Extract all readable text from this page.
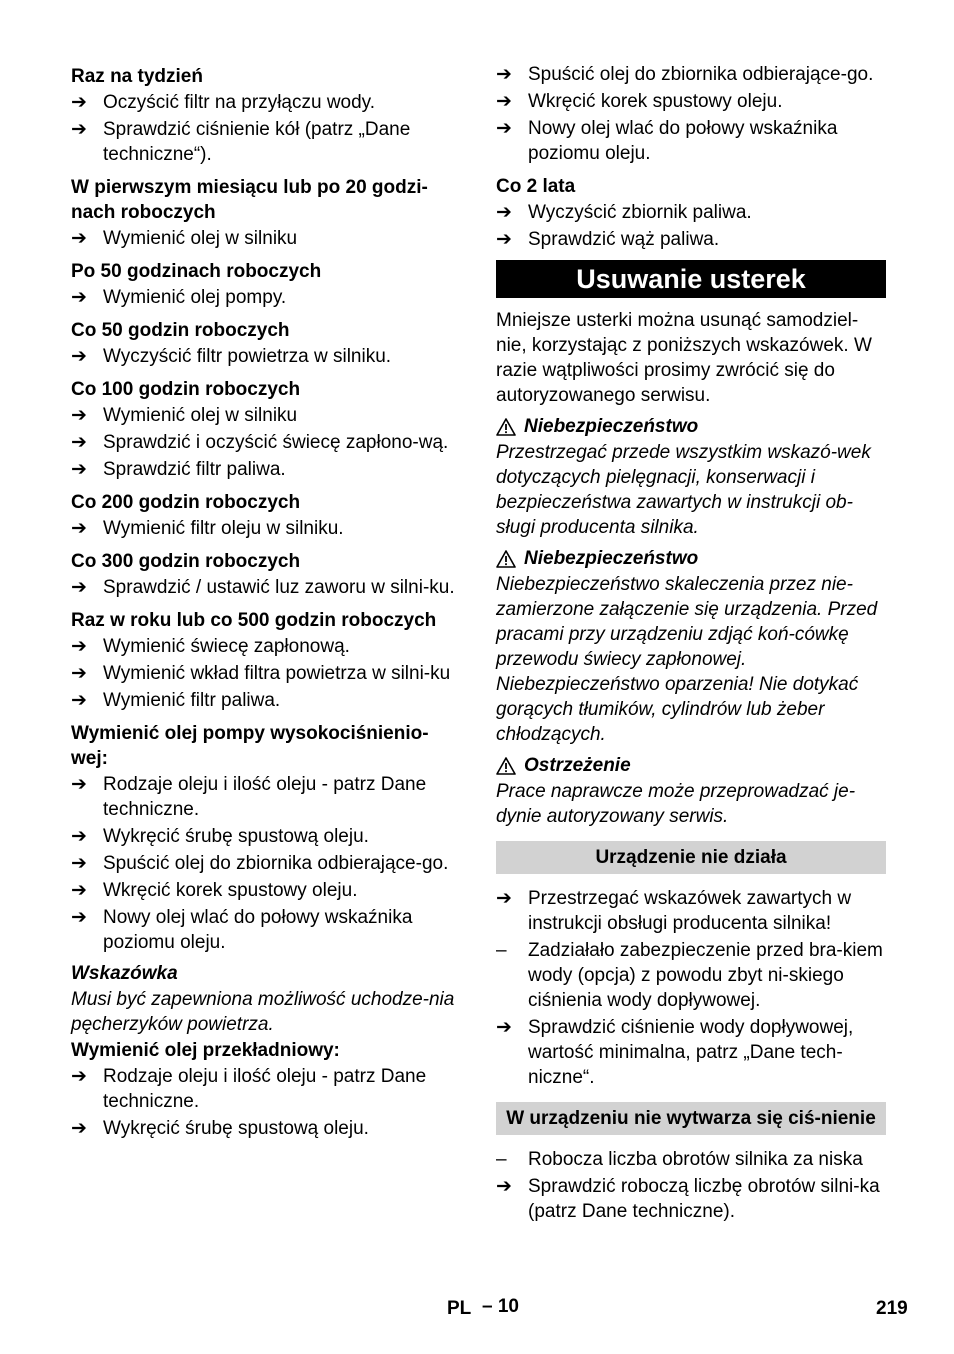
Raz na tydzień
➔ Oczyścić filtr na przyłączu wody.
➔ Sprawdzić ciśnienie kół (patrz „Dane techniczne“).
W pierwszym miesiącu lub po 20 godzi-nach roboczych
➔ Wymienić olej w silniku
Po 50 godzinach roboczych
➔ Wymienić olej pompy.
Co 50 godzin roboczych
➔ Wyczyścić filtr powietrza w silniku.
Co 100 godzin roboczych
➔ Wymienić olej w silniku
➔ Sprawdzić i oczyścić świecę zapłono-wą.
➔ Sprawdzić filtr paliwa.
Co 200 godzin roboczych
➔ Wymienić filtr oleju w silniku.
Co 300 godzin roboczych
➔ Sprawdzić / ustawić luz zaworu w silni-ku.
Raz w roku lub co 500 godzin roboczych
➔ Wymienić świecę zapłonową.
➔ Wymienić wkład filtra powietrza w silni-ku
➔ Wymienić filtr paliwa.
Wymienić olej pompy wysokociśnienio-wej:
➔ Rodzaje oleju i ilość oleju - patrz Dane techniczne.
➔ Wykręcić śrubę spustową oleju.
➔ Spuścić olej do zbiornika odbierające-go.
➔ Wkręcić korek spustowy oleju.
➔ Nowy olej wlać do połowy wskaźnika poziomu oleju.
Wskazówka
Musi być zapewniona możliwość uchodze-nia pęcherzyków powietrza.
Wymienić olej przekładniowy:
➔ Rodzaje oleju i ilość oleju - patrz Dane techniczne.
➔ Wykręcić śrubę spustową oleju.
➔ Spuścić olej do zbiornika odbierające-go.
➔ Wkręcić korek spustowy oleju.
➔ Nowy olej wlać do połowy wskaźnika poziomu oleju.
Co 2 lata
➔ Wyczyścić zbiornik paliwa.
➔ Sprawdzić wąż paliwa.
Usuwanie usterek

Mniejsze usterki można usunąć samodziel-nie, korzystając z poniższych wskazówek. W razie wątpliwości prosimy zwrócić się do autoryzowanego serwisu.

Niebezpieczeństwo
Przestrzegać przede wszystkim wskazó-wek dotyczących pielęgnacji, konserwacji i bezpieczeństwa zawartych w instrukcji ob-sługi producenta silnika.
Niebezpieczeństwo
Niebezpieczeństwo skaleczenia przez nie-zamierzone załączenie się urządzenia. Przed pracami przy urządzeniu zdjąć koń-cówkę przewodu świecy zapłonowej. Niebezpieczeństwo oparzenia! Nie dotykać gorących tłumików, cylindrów lub żeber chłodzących.
Ostrzeżenie
Prace naprawcze może przeprowadzać je-dynie autoryzowany serwis.
Urządzenie nie działa
➔ Przestrzegać wskazówek zawartych w instrukcji obsługi producenta silnika!
–	Zadziałało zabezpieczenie przed bra-kiem wody (opcja) z powodu zbyt ni-skiego ciśnienia wody dopływowej.
➔ Sprawdzić ciśnienie wody dopływowej, wartość minimalna, patrz „Dane tech-niczne“.
W urządzeniu nie wytwarza się ciś-nienie
–	Robocza liczba obrotów silnika za niska
➔ Sprawdzić roboczą liczbę obrotów silni-ka (patrz Dane techniczne).
PL – 10	219
